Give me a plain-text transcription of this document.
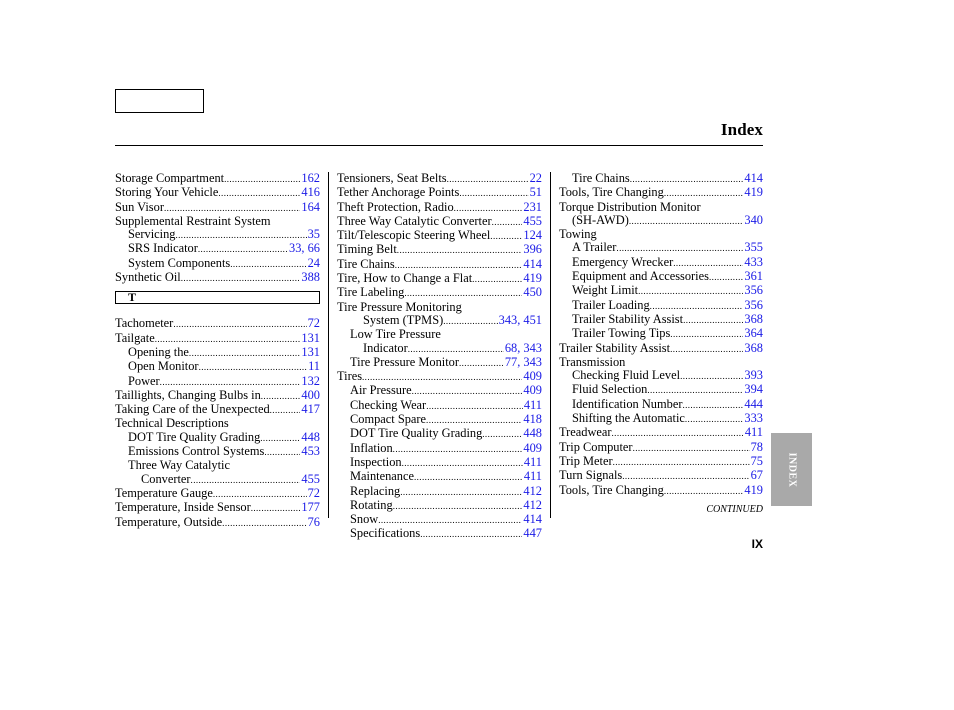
Index
Storage Compartment .....	162
Storing Your Vehicle .....	416
Sun Visor .....	164
Supplemental Restraint System
Servicing .....	35
SRS Indicator .....	33, 66
System Components .....	24
Synthetic Oil .....	388
T
Tachometer .....	72
Tailgate .....	131
Opening the .....	131
Open Monitor .....	11
Power .....	132
Taillights, Changing Bulbs in .....	400
Taking Care of the Unexpected .....	417
Technical Descriptions
DOT Tire Quality Grading .....	448
Emissions Control Systems .....	453
Three Way Catalytic
Converter .....	455
Temperature Gauge .....	72
Temperature, Inside Sensor .....	177
Temperature, Outside .....	76
Tensioners, Seat Belts .....	22
Tether Anchorage Points .....	51
Theft Protection, Radio .....	231
Three Way Catalytic Converter .....	455
Tilt/Telescopic Steering Wheel .....	124
Timing Belt .....	396
Tire Chains .....	414
Tire, How to Change a Flat .....	419
Tire Labeling .....	450
Tire Pressure Monitoring
System (TPMS) .....	343, 451
Low Tire Pressure
Indicator .....	68, 343
Tire Pressure Monitor .....	77, 343
Tires .....	409
Air Pressure .....	409
Checking Wear .....	411
Compact Spare .....	418
DOT Tire Quality Grading .....	448
Inflation .....	409
Inspection .....	411
Maintenance .....	411
Replacing .....	412
Rotating .....	412
Snow .....	414
Specifications .....	447
Tire Chains .....	414
Tools, Tire Changing .....	419
Torque Distribution Monitor
(SH-AWD) .....	340
Towing
A Trailer .....	355
Emergency Wrecker .....	433
Equipment and Accessories .....	361
Weight Limit .....	356
Trailer Loading .....	356
Trailer Stability Assist .....	368
Trailer Towing Tips .....	364
Trailer Stability Assist .....	368
Transmission
Checking Fluid Level .....	393
Fluid Selection .....	394
Identification Number .....	444
Shifting the Automatic .....	333
Treadwear .....	411
Trip Computer .....	78
Trip Meter .....	75
Turn Signals .....	67
Tools, Tire Changing .....	419
INDEX
CONTINUED
IX
